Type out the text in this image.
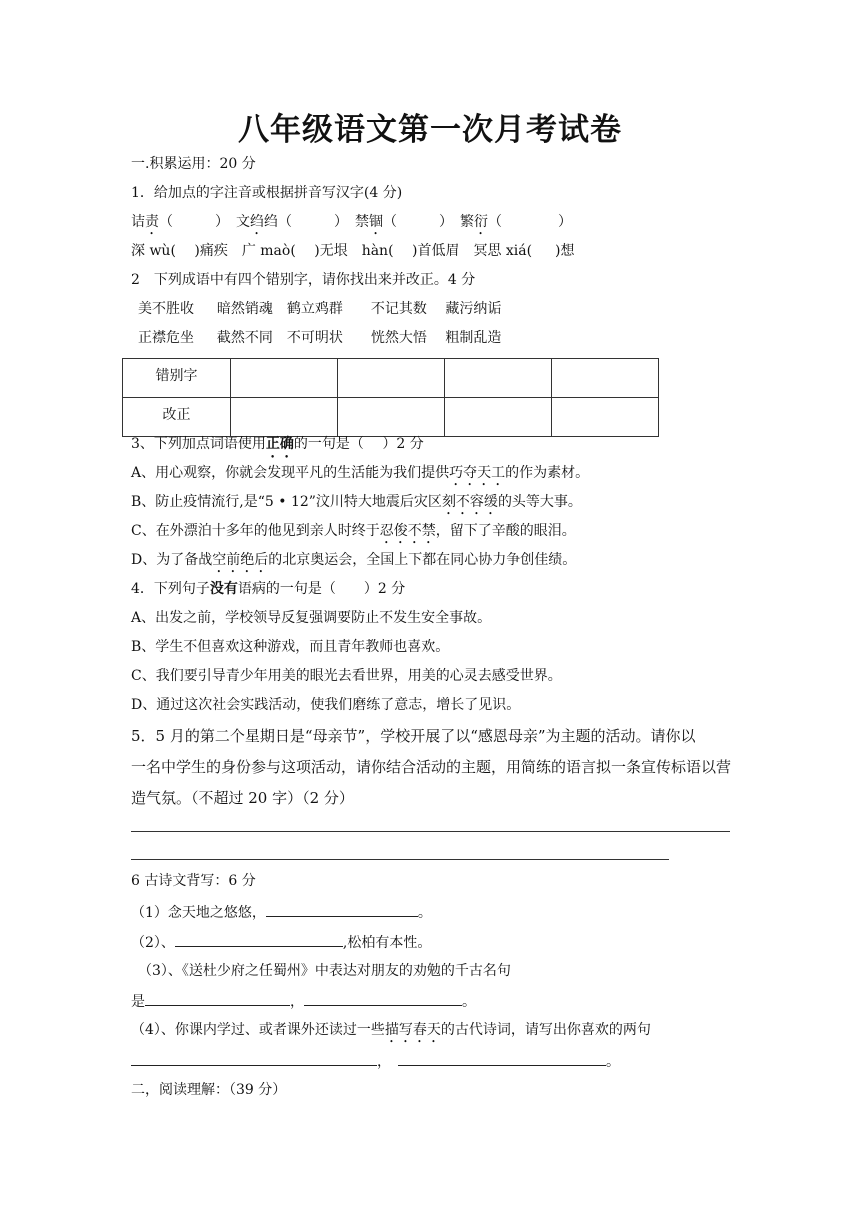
八年级语文第一次月考试卷
一.积累运用：20 分
1．给加点的字注音或根据拼音写汉字(4 分)
诘责（　　　）　 文绉绉（　　　）　 禁锢（　　　）　 繁衍（　　　　）
深 wù(　 )痛疾　广 maò(　 )无垠　hàn(　 )首低眉　冥思 xiá(　  )想
2　下列成语中有四个错别字，请你找出来并改正。4 分
美不胜收　  暗然销魂　鹤立鸡群　　不记其数　 藏污纳诟
正襟危坐　  截然不同　不可明状　　恍然大悟　 粗制乱造
错别字				
改正				
3、下列加点词语使用正确的一句是（　 ）2 分
A、用心观察，你就会发现平凡的生活能为我们提供巧夺天工的作为素材。
B、防止疫情流行,是“5 • 12”汶川特大地震后灾区刻不容缓的头等大事。
C、在外漂泊十多年的他见到亲人时终于忍俊不禁，留下了辛酸的眼泪。
D、为了备战空前绝后的北京奥运会，全国上下都在同心协力争创佳绩。
4．下列句子没有语病的一句是（　　）2 分
A、出发之前，学校领导反复强调要防止不发生安全事故。
B、学生不但喜欢这种游戏，而且青年教师也喜欢。
C、我们要引导青少年用美的眼光去看世界，用美的心灵去感受世界。
D、通过这次社会实践活动，使我们磨练了意志，增长了见识。
5．5 月的第二个星期日是“母亲节”，学校开展了以“感恩母亲”为主题的活动。请你以
一名中学生的身份参与这项活动，请你结合活动的主题，用简练的语言拟一条宣传标语以营
造气氛。（不超过 20 字）（2 分）
6 古诗文背写：6 分
（1）念天地之悠悠，	。
（2）、	,松柏有本性。
（3）、《送杜少府之任蜀州》中表达对朋友的劝勉的千古名句
是	，	。
（4）、你课内学过、或者课外还读过一些描写春天的古代诗词，请写出你喜欢的两句
，　	。
二，阅读理解：（39 分）
